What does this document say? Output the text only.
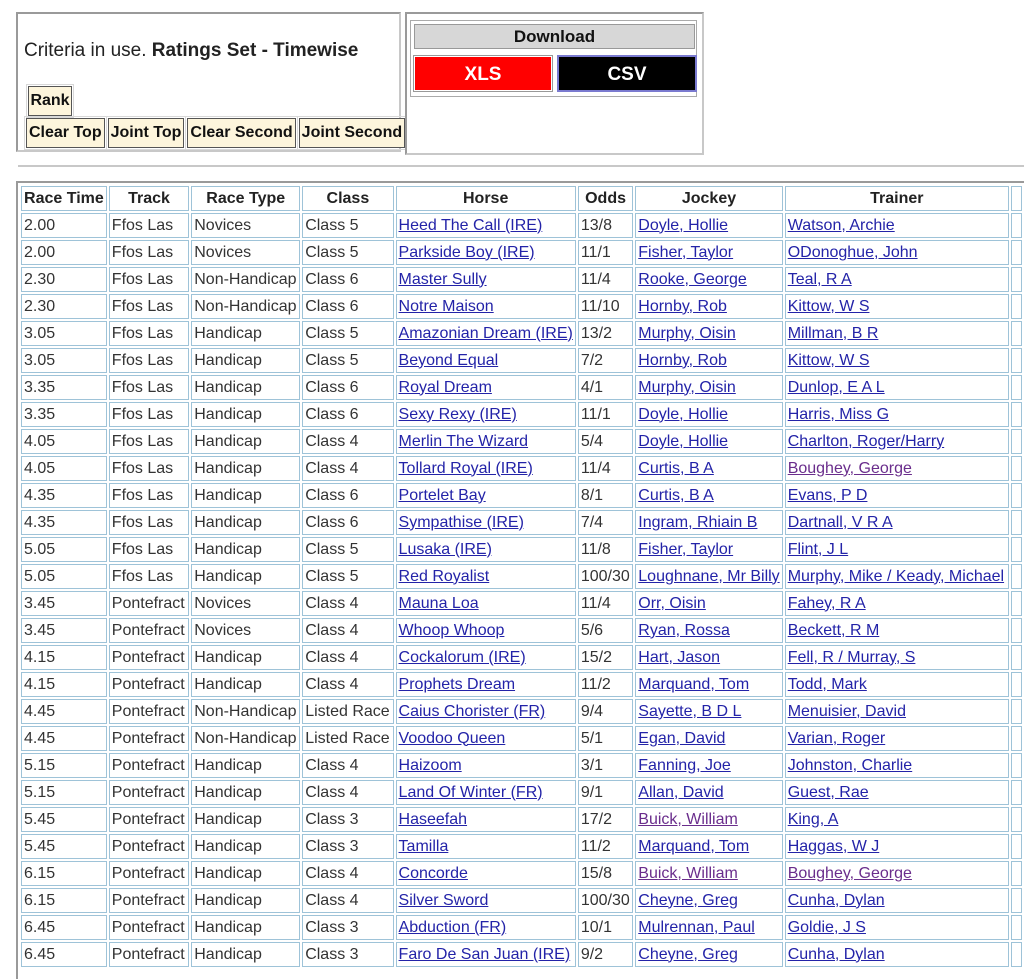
Criteria in use. Ratings Set - Timewise
Rank
Clear Top Joint Top Clear Second Joint Second
Download
XLS	CSV
Race Time	Track	Race Type	Class	Horse	Odds	Jockey	Trainer	
2.00	Ffos Las	Novices	Class 5	Heed The Call (IRE)	13/8	Doyle, Hollie	Watson, Archie	
2.00	Ffos Las	Novices	Class 5	Parkside Boy (IRE)	11/1	Fisher, Taylor	ODonoghue, John	
2.30	Ffos Las	Non-Handicap	Class 6	Master Sully	11/4	Rooke, George	Teal, R A	
2.30	Ffos Las	Non-Handicap	Class 6	Notre Maison	11/10	Hornby, Rob	Kittow, W S	
3.05	Ffos Las	Handicap	Class 5	Amazonian Dream (IRE)	13/2	Murphy, Oisin	Millman, B R	
3.05	Ffos Las	Handicap	Class 5	Beyond Equal	7/2	Hornby, Rob	Kittow, W S	
3.35	Ffos Las	Handicap	Class 6	Royal Dream	4/1	Murphy, Oisin	Dunlop, E A L	
3.35	Ffos Las	Handicap	Class 6	Sexy Rexy (IRE)	11/1	Doyle, Hollie	Harris, Miss G	
4.05	Ffos Las	Handicap	Class 4	Merlin The Wizard	5/4	Doyle, Hollie	Charlton, Roger/Harry	
4.05	Ffos Las	Handicap	Class 4	Tollard Royal (IRE)	11/4	Curtis, B A	Boughey, George	
4.35	Ffos Las	Handicap	Class 6	Portelet Bay	8/1	Curtis, B A	Evans, P D	
4.35	Ffos Las	Handicap	Class 6	Sympathise (IRE)	7/4	Ingram, Rhiain B	Dartnall, V R A	
5.05	Ffos Las	Handicap	Class 5	Lusaka (IRE)	11/8	Fisher, Taylor	Flint, J L	
5.05	Ffos Las	Handicap	Class 5	Red Royalist	100/30	Loughnane, Mr Billy	Murphy, Mike / Keady, Michael	
3.45	Pontefract	Novices	Class 4	Mauna Loa	11/4	Orr, Oisin	Fahey, R A	
3.45	Pontefract	Novices	Class 4	Whoop Whoop	5/6	Ryan, Rossa	Beckett, R M	
4.15	Pontefract	Handicap	Class 4	Cockalorum (IRE)	15/2	Hart, Jason	Fell, R / Murray, S	
4.15	Pontefract	Handicap	Class 4	Prophets Dream	11/2	Marquand, Tom	Todd, Mark	
4.45	Pontefract	Non-Handicap	Listed Race	Caius Chorister (FR)	9/4	Sayette, B D L	Menuisier, David	
4.45	Pontefract	Non-Handicap	Listed Race	Voodoo Queen	5/1	Egan, David	Varian, Roger	
5.15	Pontefract	Handicap	Class 4	Haizoom	3/1	Fanning, Joe	Johnston, Charlie	
5.15	Pontefract	Handicap	Class 4	Land Of Winter (FR)	9/1	Allan, David	Guest, Rae	
5.45	Pontefract	Handicap	Class 3	Haseefah	17/2	Buick, William	King, A	
5.45	Pontefract	Handicap	Class 3	Tamilla	11/2	Marquand, Tom	Haggas, W J	
6.15	Pontefract	Handicap	Class 4	Concorde	15/8	Buick, William	Boughey, George	
6.15	Pontefract	Handicap	Class 4	Silver Sword	100/30	Cheyne, Greg	Cunha, Dylan	
6.45	Pontefract	Handicap	Class 3	Abduction (FR)	10/1	Mulrennan, Paul	Goldie, J S	
6.45	Pontefract	Handicap	Class 3	Faro De San Juan (IRE)	9/2	Cheyne, Greg	Cunha, Dylan	
